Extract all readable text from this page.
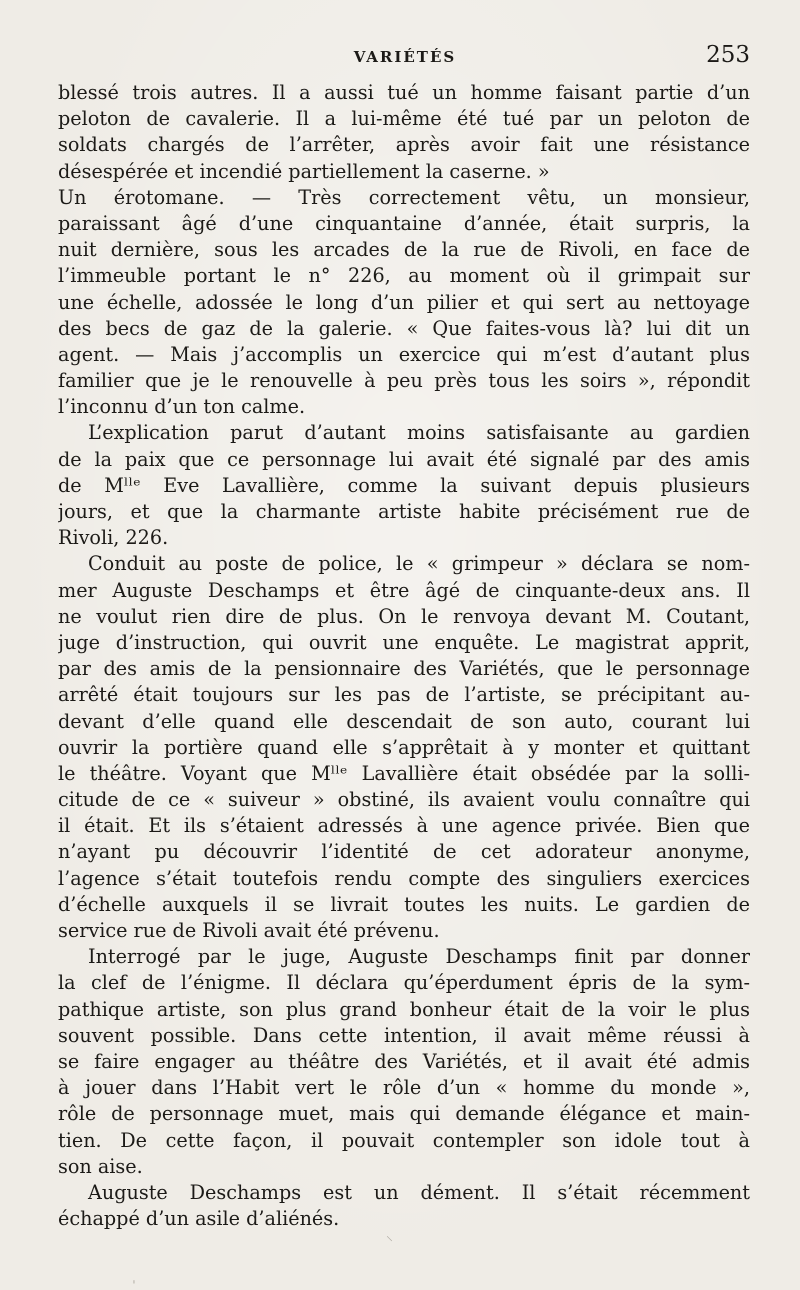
VARIÉTÉS	253
blessé trois autres. Il a aussi tué un homme faisant partie d’un
peloton de cavalerie. Il a lui-même été tué par un peloton de
soldats chargés de l’arrêter, après avoir fait une résistance
désespérée et incendié partiellement la caserne. »
Un érotomane. — Très correctement vêtu, un monsieur,
paraissant âgé d’une cinquantaine d’année, était surpris, la
nuit dernière, sous les arcades de la rue de Rivoli, en face de
l’immeuble portant le n° 226, au moment où il grimpait sur
une échelle, adossée le long d’un pilier et qui sert au nettoyage
des becs de gaz de la galerie. « Que faites-vous là? lui dit un
agent. — Mais j’accomplis un exercice qui m’est d’autant plus
familier que je le renouvelle à peu près tous les soirs », répondit
l’inconnu d’un ton calme.
L’explication parut d’autant moins satisfaisante au gardien
de la paix que ce personnage lui avait été signalé par des amis
de Mˡˡᵉ Eve Lavallière, comme la suivant depuis plusieurs
jours, et que la charmante artiste habite précisément rue de
Rivoli, 226.
Conduit au poste de police, le « grimpeur » déclara se nom-
mer Auguste Deschamps et être âgé de cinquante-deux ans. Il
ne voulut rien dire de plus. On le renvoya devant M. Coutant,
juge d’instruction, qui ouvrit une enquête. Le magistrat apprit,
par des amis de la pensionnaire des Variétés, que le personnage
arrêté était toujours sur les pas de l’artiste, se précipitant au-
devant d’elle quand elle descendait de son auto, courant lui
ouvrir la portière quand elle s’apprêtait à y monter et quittant
le théâtre. Voyant que Mˡˡᵉ Lavallière était obsédée par la solli-
citude de ce « suiveur » obstiné, ils avaient voulu connaître qui
il était. Et ils s’étaient adressés à une agence privée. Bien que
n’ayant pu découvrir l’identité de cet adorateur anonyme,
l’agence s’était toutefois rendu compte des singuliers exercices
d’échelle auxquels il se livrait toutes les nuits. Le gardien de
service rue de Rivoli avait été prévenu.
Interrogé par le juge, Auguste Deschamps finit par donner
la clef de l’énigme. Il déclara qu’éperdument épris de la sym-
pathique artiste, son plus grand bonheur était de la voir le plus
souvent possible. Dans cette intention, il avait même réussi à
se faire engager au théâtre des Variétés, et il avait été admis
à jouer dans l’Habit vert le rôle d’un « homme du monde »,
rôle de personnage muet, mais qui demande élégance et main-
tien. De cette façon, il pouvait contempler son idole tout à
son aise.
Auguste Deschamps est un dément. Il s’était récemment
échappé d’un asile d’aliénés.
⸌
ˌ
